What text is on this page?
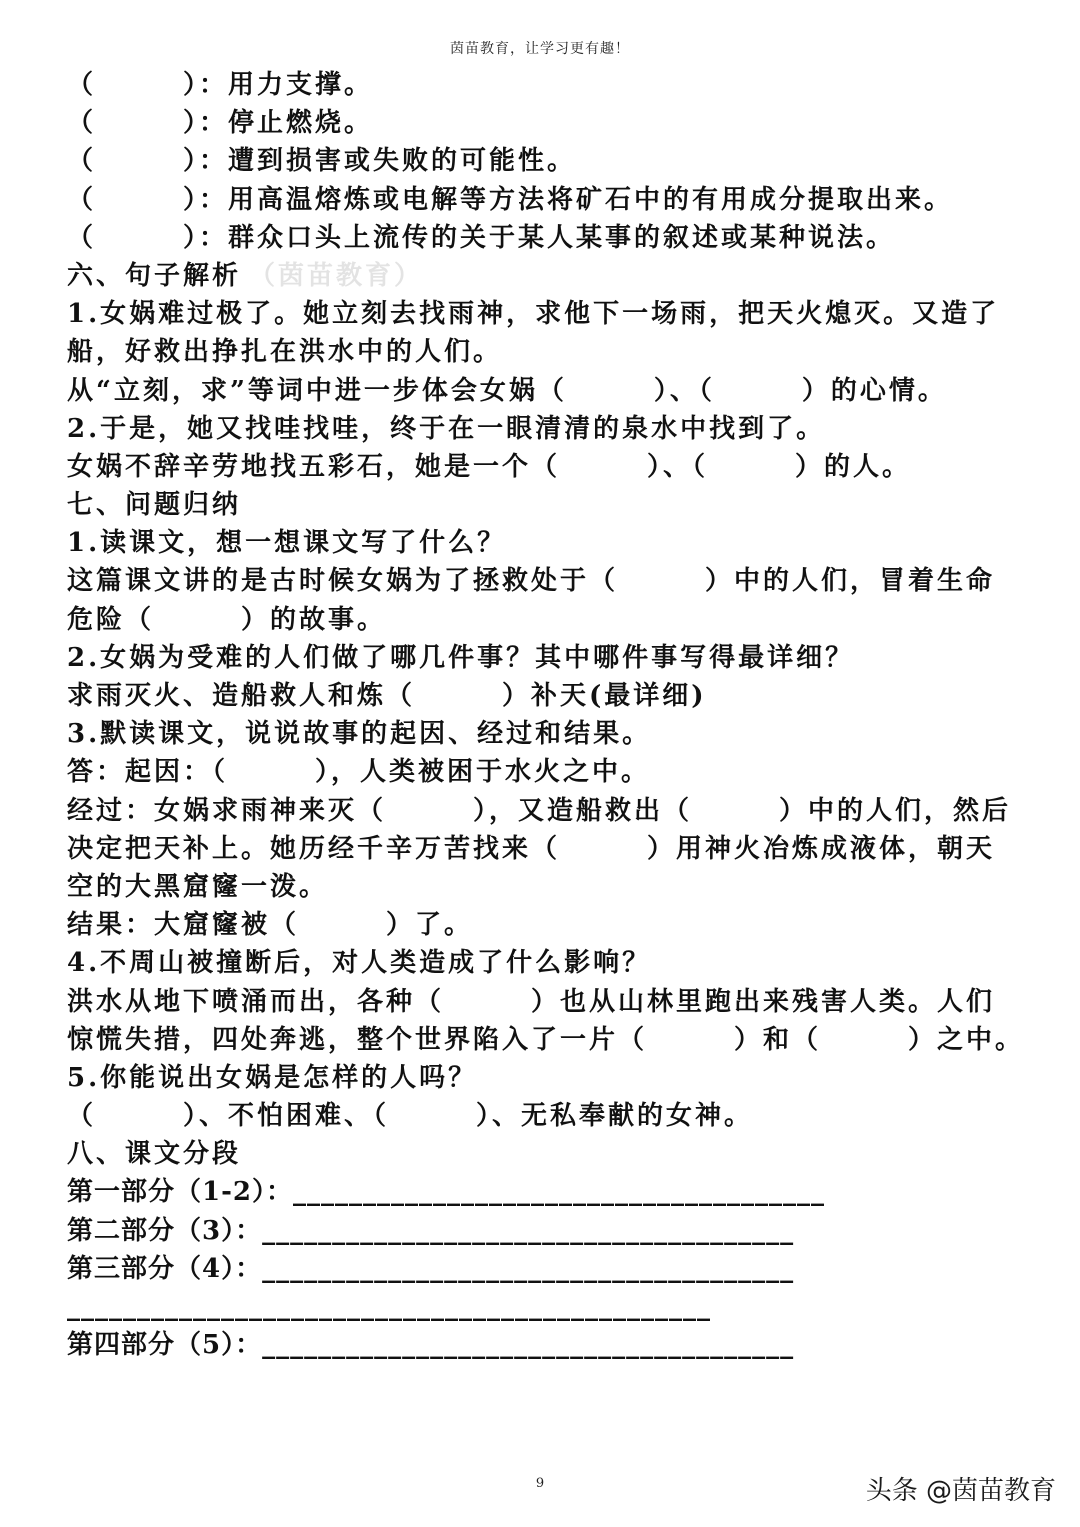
茵苗教育，让学习更有趣！
（　　　）：用力支撑。
（　　　）：停止燃烧。
（　　　）：遭到损害或失败的可能性。
（　　　）：用高温熔炼或电解等方法将矿石中的有用成分提取出来。
（　　　）：群众口头上流传的关于某人某事的叙述或某种说法。
六、句子解析 （茵苗教育）
1.女娲难过极了。她立刻去找雨神，求他下一场雨，把天火熄灭。又造了
船，好救出挣扎在洪水中的人们。
从“立刻，求”等词中进一步体会女娲（　　　）、（　　　）的心情。
2.于是，她又找哇找哇，终于在一眼清清的泉水中找到了。
女娲不辞辛劳地找五彩石，她是一个（　　　）、（　　　）的人。
七、问题归纳
1.读课文，想一想课文写了什么？
这篇课文讲的是古时候女娲为了拯救处于（　　　）中的人们，冒着生命
危险（　　　）的故事。
2.女娲为受难的人们做了哪几件事？其中哪件事写得最详细？
求雨灭火、造船救人和炼（　　　）补天(最详细)
3.默读课文，说说故事的起因、经过和结果。
答：起因：（　　　），人类被困于水火之中。
经过：女娲求雨神来灭（　　　），又造船救出（　　　）中的人们，然后
决定把天补上。她历经千辛万苦找来（　　　）用神火冶炼成液体，朝天
空的大黑窟窿一泼。
结果：大窟窿被（　　　）了。
4.不周山被撞断后，对人类造成了什么影响？
洪水从地下喷涌而出，各种（　　　）也从山林里跑出来残害人类。人们
惊慌失措，四处奔逃，整个世界陷入了一片（　　　）和（　　　）之中。
5.你能说出女娲是怎样的人吗？
（　　　）、不怕困难、（　　　）、无私奉献的女神。
八、课文分段
第一部分（1-2）：______________________________________
第二部分（3）：______________________________________
第三部分（4）：______________________________________
______________________________________________
第四部分（5）：______________________________________
9	头条 @茵苗教育
